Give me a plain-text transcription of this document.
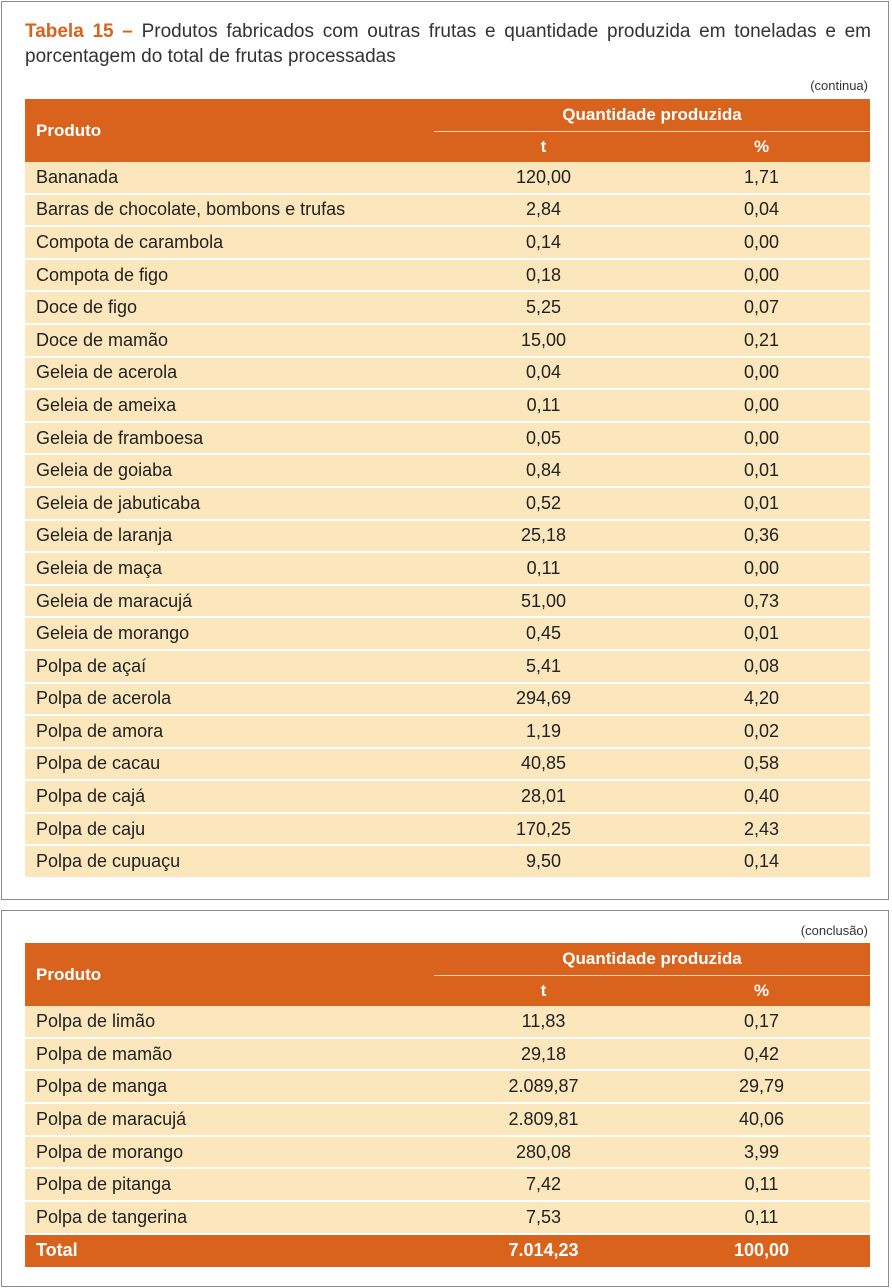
Tabela 15 – Produtos fabricados com outras frutas e quantidade produzida em toneladas e em porcentagem do total de frutas processadas
(continua)
Produto	Quantidade produzida	
	t	%
Bananada	120,00	1,71
Barras de chocolate, bombons e trufas	2,84	0,04
Compota de carambola	0,14	0,00
Compota de figo	0,18	0,00
Doce de figo	5,25	0,07
Doce de mamão	15,00	0,21
Geleia de acerola	0,04	0,00
Geleia de ameixa	0,11	0,00
Geleia de framboesa	0,05	0,00
Geleia de goiaba	0,84	0,01
Geleia de jabuticaba	0,52	0,01
Geleia de laranja	25,18	0,36
Geleia de maça	0,11	0,00
Geleia de maracujá	51,00	0,73
Geleia de morango	0,45	0,01
Polpa de açaí	5,41	0,08
Polpa de acerola	294,69	4,20
Polpa de amora	1,19	0,02
Polpa de cacau	40,85	0,58
Polpa de cajá	28,01	0,40
Polpa de caju	170,25	2,43
Polpa de cupuaçu	9,50	0,14
(conclusão)
Produto	Quantidade produzida	
	t	%
Polpa de limão	11,83	0,17
Polpa de mamão	29,18	0,42
Polpa de manga	2.089,87	29,79
Polpa de maracujá	2.809,81	40,06
Polpa de morango	280,08	3,99
Polpa de pitanga	7,42	0,11
Polpa de tangerina	7,53	0,11
Total	7.014,23	100,00
